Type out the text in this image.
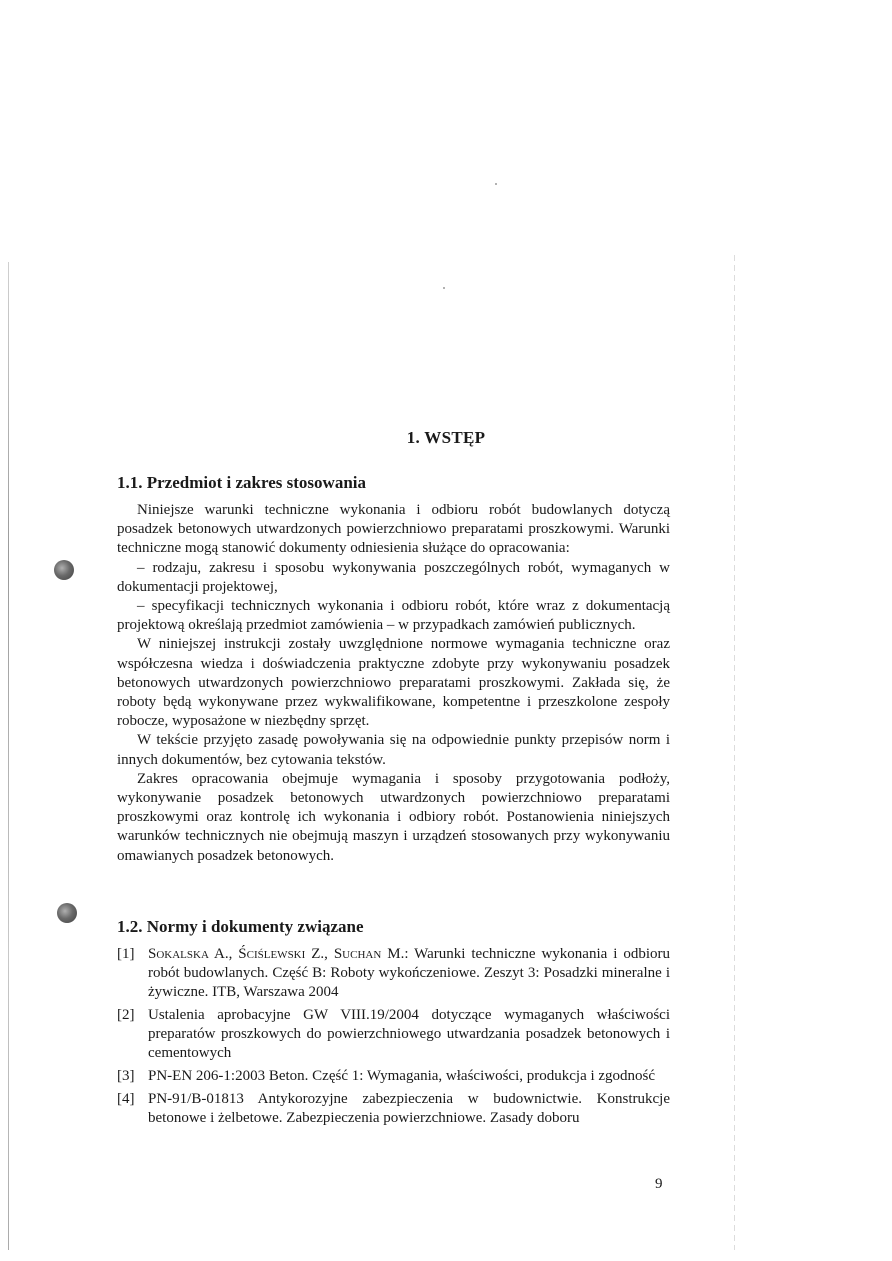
1. WSTĘP
1.1. Przedmiot i zakres stosowania

Niniejsze warunki techniczne wykonania i odbioru robót budowlanych dotyczą posadzek betonowych utwardzonych powierzchniowo preparatami proszkowymi. Warunki techniczne mogą stanowić dokumenty odniesienia służące do opracowania:

– rodzaju, zakresu i sposobu wykonywania poszczególnych robót, wymaganych w dokumentacji projektowej,

– specyfikacji technicznych wykonania i odbioru robót, które wraz z dokumentacją projektową określają przedmiot zamówienia – w przypadkach zamówień publicznych.

W niniejszej instrukcji zostały uwzględnione normowe wymagania techniczne oraz współczesna wiedza i doświadczenia praktyczne zdobyte przy wykonywaniu posadzek betonowych utwardzonych powierzchniowo preparatami proszkowymi. Zakłada się, że roboty będą wykonywane przez wykwalifikowane, kompetentne i przeszkolone zespoły robocze, wyposażone w niezbędny sprzęt.

W tekście przyjęto zasadę powoływania się na odpowiednie punkty przepisów norm i innych dokumentów, bez cytowania tekstów.

Zakres opracowania obejmuje wymagania i sposoby przygotowania podłoży, wykonywanie posadzek betonowych utwardzonych powierzchniowo preparatami proszkowymi oraz kontrolę ich wykonania i odbiory robót. Postanowienia niniejszych warunków technicznych nie obejmują maszyn i urządzeń stosowanych przy wykonywaniu omawianych posadzek betonowych.

1.2. Normy i dokumenty związane
[1] Sokalska A., Ściślewski Z., Suchan M.: Warunki techniczne wykonania i odbioru robót budowlanych. Część B: Roboty wykończeniowe. Zeszyt 3: Posadzki mineralne i żywiczne. ITB, Warszawa 2004
[2] Ustalenia aprobacyjne GW VIII.19/2004 dotyczące wymaganych właściwości preparatów proszkowych do powierzchniowego utwardzania posadzek betonowych i cementowych
[3] PN-EN 206-1:2003 Beton. Część 1: Wymagania, właściwości, produkcja i zgodność
[4] PN-91/B-01813 Antykorozyjne zabezpieczenia w budownictwie. Konstrukcje betonowe i żelbetowe. Zabezpieczenia powierzchniowe. Zasady doboru
9
